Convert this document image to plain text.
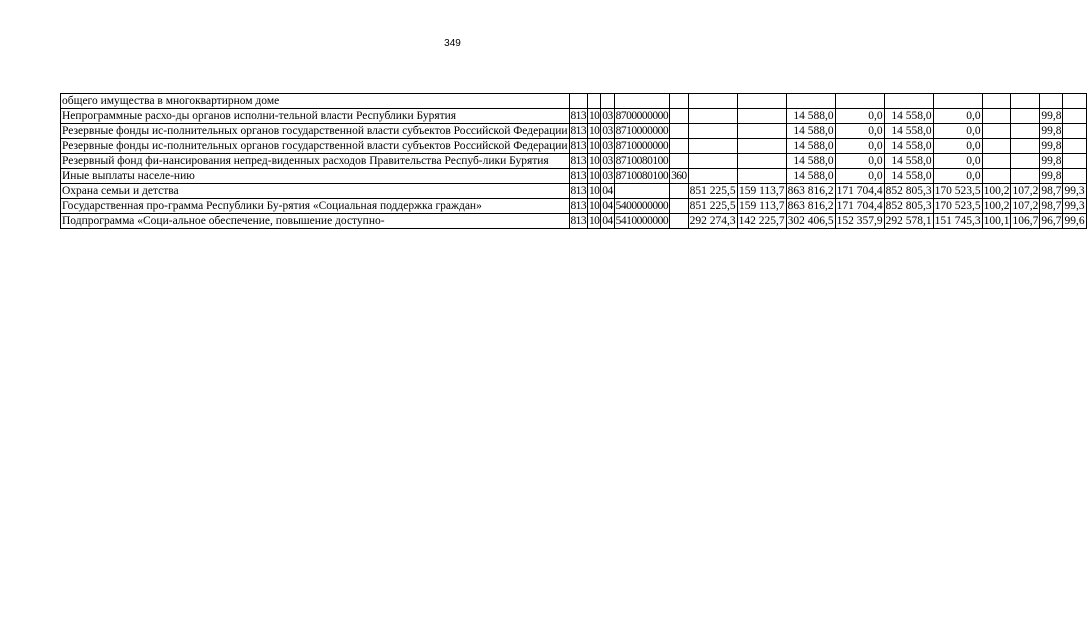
349
общего имущества в многоквартирном доме															
Непрограммные расхо-ды органов исполни-тельной власти Республики Бурятия	813	10	03	8700000000				14 588,0	0,0	14 558,0	0,0			99,8	
Резервные фонды ис-полнительных органов государственной власти субъектов Российской Федерации	813	10	03	8710000000				14 588,0	0,0	14 558,0	0,0			99,8	
Резервные фонды ис-полнительных органов государственной власти субъектов Российской Федерации	813	10	03	8710000000				14 588,0	0,0	14 558,0	0,0			99,8	
Резервный фонд фи-нансирования непред-виденных расходов Правительства Респуб-лики Бурятия	813	10	03	8710080100				14 588,0	0,0	14 558,0	0,0			99,8	
Иные выплаты населе-нию	813	10	03	8710080100	360			14 588,0	0,0	14 558,0	0,0			99,8	
Охрана семьи и детства	813	10	04			851 225,5	159 113,7	863 816,2	171 704,4	852 805,3	170 523,5	100,2	107,2	98,7	99,3
Государственная про-грамма Республики Бу-рятия «Социальная поддержка граждан»	813	10	04	5400000000		851 225,5	159 113,7	863 816,2	171 704,4	852 805,3	170 523,5	100,2	107,2	98,7	99,3
Подпрограмма «Соци-альное обеспечение, повышение доступно-	813	10	04	5410000000		292 274,3	142 225,7	302 406,5	152 357,9	292 578,1	151 745,3	100,1	106,7	96,7	99,6
